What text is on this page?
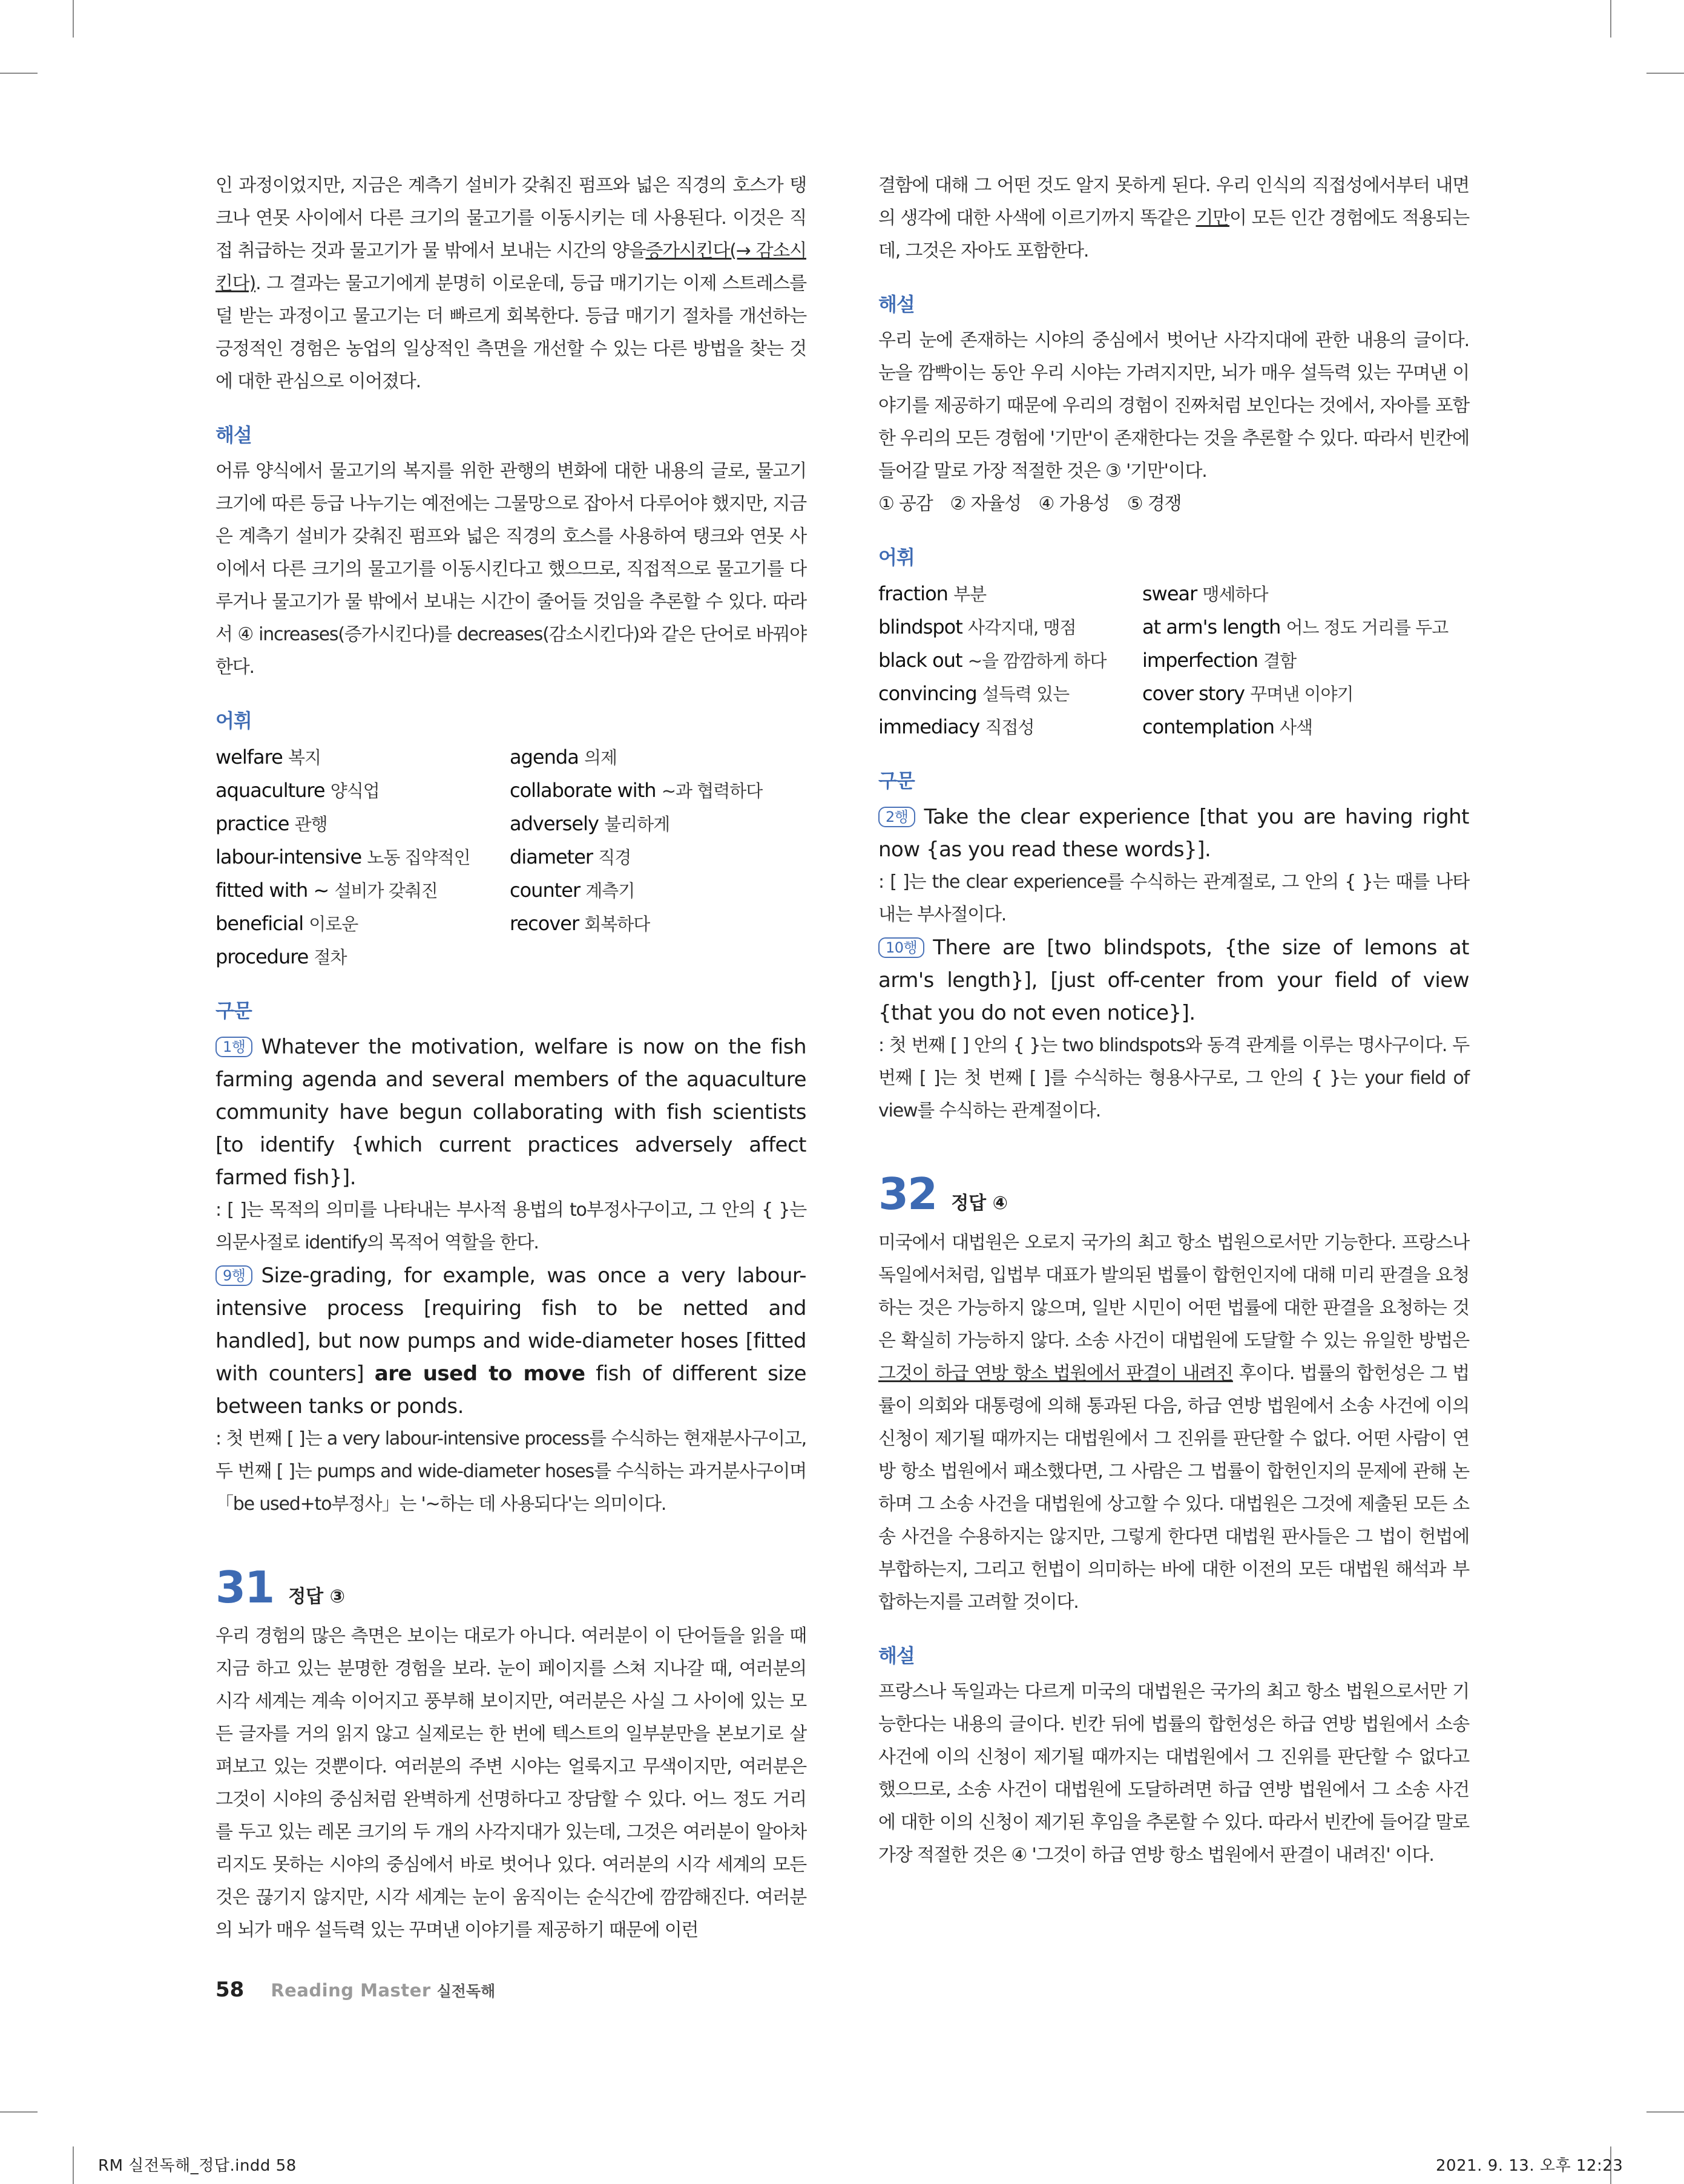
인 과정이었지만, 지금은 계측기 설비가 갖춰진 펌프와 넓은 직경의 호스가 탱크나 연못 사이에서 다른 크기의 물고기를 이동시키는 데 사용된다. 이것은 직접 취급하는 것과 물고기가 물 밖에서 보내는 시간의 양을증가시킨다(→ 감소시킨다). 그 결과는 물고기에게 분명히 이로운데, 등급 매기기는 이제 스트레스를 덜 받는 과정이고 물고기는 더 빠르게 회복한다. 등급 매기기 절차를 개선하는 긍정적인 경험은 농업의 일상적인 측면을 개선할 수 있는 다른 방법을 찾는 것에 대한 관심으로 이어졌다.

해설

어류 양식에서 물고기의 복지를 위한 관행의 변화에 대한 내용의 글로, 물고기 크기에 따른 등급 나누기는 예전에는 그물망으로 잡아서 다루어야 했지만, 지금은 계측기 설비가 갖춰진 펌프와 넓은 직경의 호스를 사용하여 탱크와 연못 사이에서 다른 크기의 물고기를 이동시킨다고 했으므로, 직접적으로 물고기를 다루거나 물고기가 물 밖에서 보내는 시간이 줄어들 것임을 추론할 수 있다. 따라서 ④ increases(증가시킨다)를 decreases(감소시킨다)와 같은 단어로 바꿔야 한다.

어휘
welfare 복지	agenda 의제
aquaculture 양식업	collaborate with ~과 협력하다
practice 관행	adversely 불리하게
labour-intensive 노동 집약적인	diameter 직경
fitted with ~ 설비가 갖춰진	counter 계측기
beneficial 이로운	recover 회복하다
procedure 절차
구문

1행 Whatever the motivation, welfare is now on the fish farming agenda and several members of the aquaculture community have begun collaborating with fish scientists [to identify {which current practices adversely affect farmed fish}].

: [ ]는 목적의 의미를 나타내는 부사적 용법의 to부정사구이고, 그 안의 { }는 의문사절로 identify의 목적어 역할을 한다.

9행 Size-grading, for example, was once a very labour-intensive process [requiring fish to be netted and handled], but now pumps and wide-diameter hoses [fitted with counters] are used to move fish of different size between tanks or ponds.

: 첫 번째 [ ]는 a very labour-intensive process를 수식하는 현재분사구이고, 두 번째 [ ]는 pumps and wide-diameter hoses를 수식하는 과거분사구이며 「be used+to부정사」는 '~하는 데 사용되다'는 의미이다.

31 정답 ③

우리 경험의 많은 측면은 보이는 대로가 아니다. 여러분이 이 단어들을 읽을 때 지금 하고 있는 분명한 경험을 보라. 눈이 페이지를 스쳐 지나갈 때, 여러분의 시각 세계는 계속 이어지고 풍부해 보이지만, 여러분은 사실 그 사이에 있는 모든 글자를 거의 읽지 않고 실제로는 한 번에 텍스트의 일부분만을 본보기로 살펴보고 있는 것뿐이다. 여러분의 주변 시야는 얼룩지고 무색이지만, 여러분은 그것이 시야의 중심처럼 완벽하게 선명하다고 장담할 수 있다. 어느 정도 거리를 두고 있는 레몬 크기의 두 개의 사각지대가 있는데, 그것은 여러분이 알아차리지도 못하는 시야의 중심에서 바로 벗어나 있다. 여러분의 시각 세계의 모든 것은 끊기지 않지만, 시각 세계는 눈이 움직이는 순식간에 깜깜해진다. 여러분의 뇌가 매우 설득력 있는 꾸며낸 이야기를 제공하기 때문에 이런

결함에 대해 그 어떤 것도 알지 못하게 된다. 우리 인식의 직접성에서부터 내면의 생각에 대한 사색에 이르기까지 똑같은 기만이 모든 인간 경험에도 적용되는데, 그것은 자아도 포함한다.

해설

우리 눈에 존재하는 시야의 중심에서 벗어난 사각지대에 관한 내용의 글이다. 눈을 깜빡이는 동안 우리 시야는 가려지지만, 뇌가 매우 설득력 있는 꾸며낸 이야기를 제공하기 때문에 우리의 경험이 진짜처럼 보인다는 것에서, 자아를 포함한 우리의 모든 경험에 '기만'이 존재한다는 것을 추론할 수 있다. 따라서 빈칸에 들어갈 말로 가장 적절한 것은 ③ '기만'이다.

① 공감　② 자율성　④ 가용성　⑤ 경쟁

어휘
fraction 부분	swear 맹세하다
blindspot 사각지대, 맹점	at arm's length 어느 정도 거리를 두고
black out ~을 깜깜하게 하다	imperfection 결함
convincing 설득력 있는	cover story 꾸며낸 이야기
immediacy 직접성	contemplation 사색
구문

2행 Take the clear experience [that you are having right now {as you read these words}].

: [ ]는 the clear experience를 수식하는 관계절로, 그 안의 { }는 때를 나타내는 부사절이다.

10행 There are [two blindspots, {the size of lemons at arm's length}], [just off-center from your field of view {that you do not even notice}].

: 첫 번째 [ ] 안의 { }는 two blindspots와 동격 관계를 이루는 명사구이다. 두 번째 [ ]는 첫 번째 [ ]를 수식하는 형용사구로, 그 안의 { }는 your field of view를 수식하는 관계절이다.

32 정답 ④

미국에서 대법원은 오로지 국가의 최고 항소 법원으로서만 기능한다. 프랑스나 독일에서처럼, 입법부 대표가 발의된 법률이 합헌인지에 대해 미리 판결을 요청하는 것은 가능하지 않으며, 일반 시민이 어떤 법률에 대한 판결을 요청하는 것은 확실히 가능하지 않다. 소송 사건이 대법원에 도달할 수 있는 유일한 방법은 그것이 하급 연방 항소 법원에서 판결이 내려진 후이다. 법률의 합헌성은 그 법률이 의회와 대통령에 의해 통과된 다음, 하급 연방 법원에서 소송 사건에 이의 신청이 제기될 때까지는 대법원에서 그 진위를 판단할 수 없다. 어떤 사람이 연방 항소 법원에서 패소했다면, 그 사람은 그 법률이 합헌인지의 문제에 관해 논하며 그 소송 사건을 대법원에 상고할 수 있다. 대법원은 그것에 제출된 모든 소송 사건을 수용하지는 않지만, 그렇게 한다면 대법원 판사들은 그 법이 헌법에 부합하는지, 그리고 헌법이 의미하는 바에 대한 이전의 모든 대법원 해석과 부합하는지를 고려할 것이다.

해설

프랑스나 독일과는 다르게 미국의 대법원은 국가의 최고 항소 법원으로서만 기능한다는 내용의 글이다. 빈칸 뒤에 법률의 합헌성은 하급 연방 법원에서 소송 사건에 이의 신청이 제기될 때까지는 대법원에서 그 진위를 판단할 수 없다고 했으므로, 소송 사건이 대법원에 도달하려면 하급 연방 법원에서 그 소송 사건에 대한 이의 신청이 제기된 후임을 추론할 수 있다. 따라서 빈칸에 들어갈 말로 가장 적절한 것은 ④ '그것이 하급 연방 항소 법원에서 판결이 내려진' 이다.

58 Reading Master 실전독해
RM 실전독해_정답.indd 58	2021. 9. 13. 오후 12:23
